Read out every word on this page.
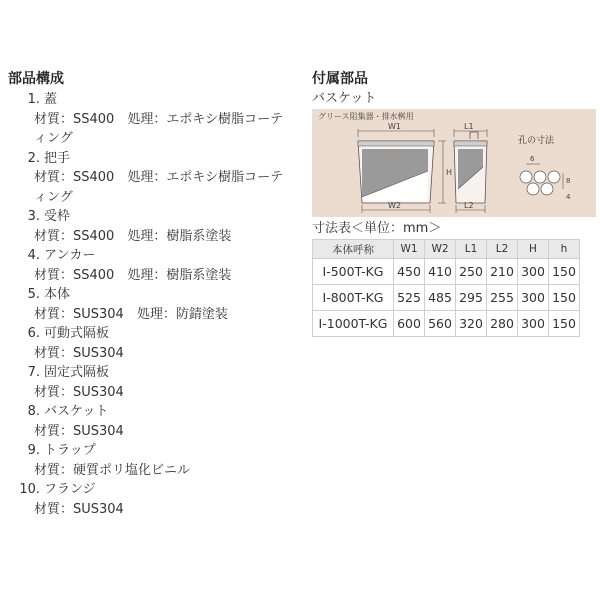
部品構成
1. 蓋
材質：SS400　処理：エポキシ樹脂コーテ
ィング
2. 把手
材質：SS400　処理：エポキシ樹脂コーテ
ィング
3. 受枠
材質：SS400　処理：樹脂系塗装
4. アンカー
材質：SS400　処理：樹脂系塗装
5. 本体
材質：SUS304　処理：防錆塗装
6. 可動式隔板
材質：SUS304
7. 固定式隔板
材質：SUS304
8. バスケット
材質：SUS304
9. トラップ
材質：硬質ポリ塩化ビニル
10. フランジ
材質：SUS304
付属部品
バスケット
グリース阻集器・排水桝用
W1
H
W2
L1
L2
孔の寸法
6
8
4
寸法表＜単位：mm＞
本体呼称	W1	W2	L1	L2	H	h
I-500T-KG	450	410	250	210	300	150
I-800T-KG	525	485	295	255	300	150
I-1000T-KG	600	560	320	280	300	150
